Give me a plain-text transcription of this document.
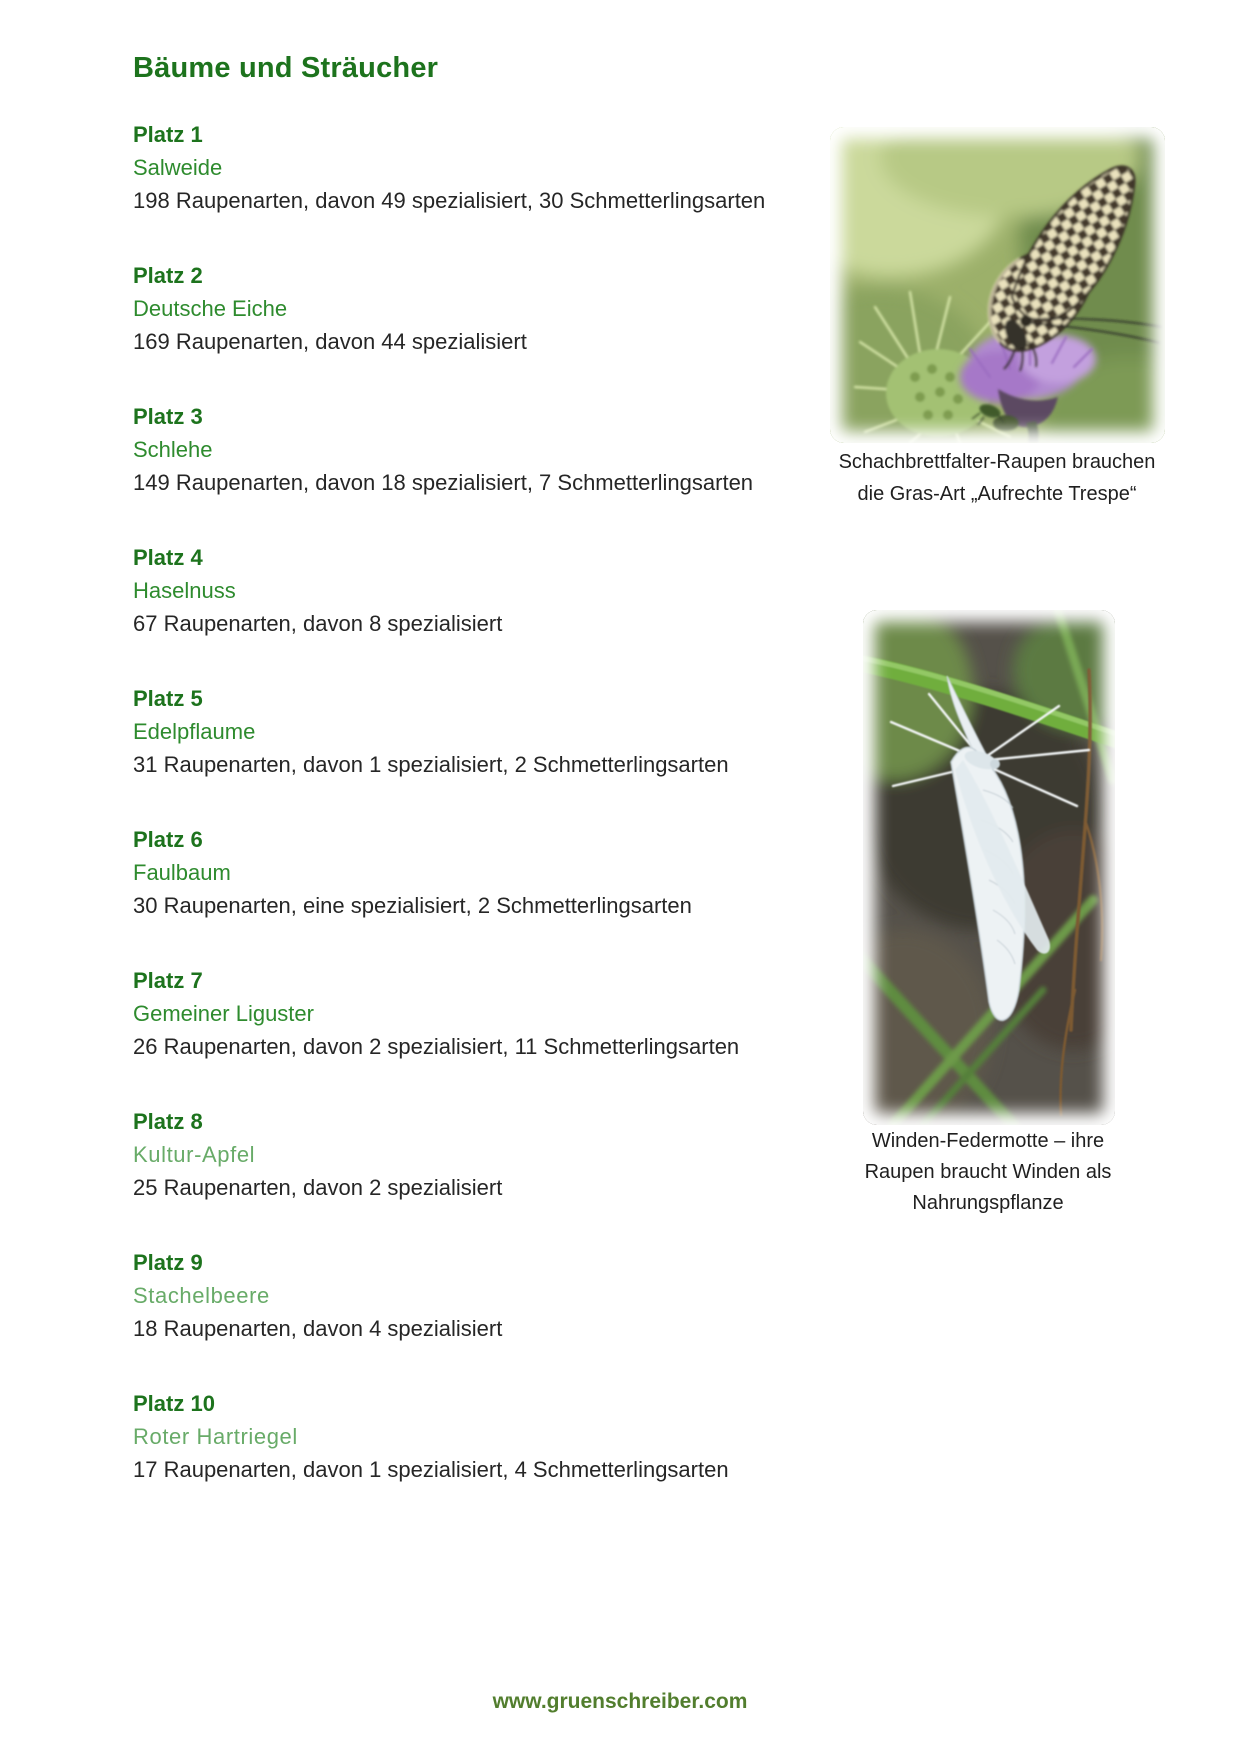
Bäume und Sträucher
Platz 1
Salweide
198 Raupenarten, davon 49 spezialisiert, 30 Schmetterlingsarten
Platz 2
Deutsche Eiche
169 Raupenarten, davon 44 spezialisiert
Platz 3
Schlehe
149 Raupenarten, davon 18 spezialisiert, 7 Schmetterlingsarten
Platz 4
Haselnuss
67 Raupenarten, davon 8 spezialisiert
Platz 5
Edelpflaume
31 Raupenarten, davon 1 spezialisiert, 2 Schmetterlingsarten
Platz 6
Faulbaum
30 Raupenarten, eine spezialisiert, 2 Schmetterlingsarten
Platz 7
Gemeiner Liguster
26 Raupenarten, davon 2 spezialisiert, 11 Schmetterlingsarten
Platz 8
Kultur-Apfel
25 Raupenarten, davon 2 spezialisiert
Platz 9
Stachelbeere
18 Raupenarten, davon 4 spezialisiert
Platz 10
Roter Hartriegel
17 Raupenarten, davon 1 spezialisiert, 4 Schmetterlingsarten
Schachbrettfalter-Raupen brauchen
die Gras-Art „Aufrechte Trespe“
Winden-Federmotte – ihre
Raupen braucht Winden als
Nahrungspflanze
www.gruenschreiber.com
